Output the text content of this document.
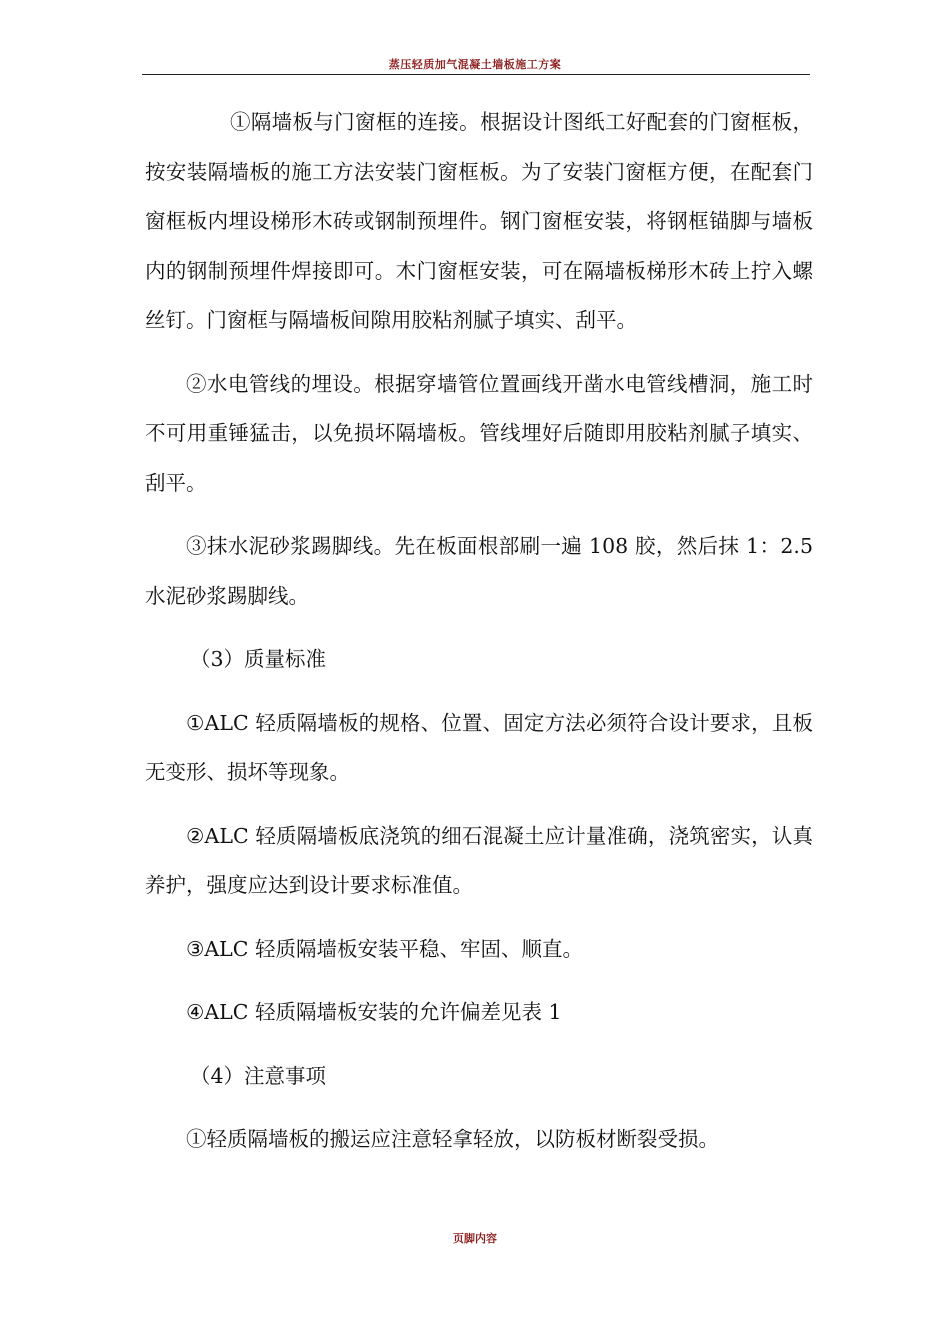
蒸压轻质加气混凝土墙板施工方案

①隔墙板与门窗框的连接。根据设计图纸工好配套的门窗框板，按安装隔墙板的施工方法安装门窗框板。为了安装门窗框方便，在配套门窗框板内埋设梯形木砖或钢制预埋件。钢门窗框安装，将钢框锚脚与墙板内的钢制预埋件焊接即可。木门窗框安装，可在隔墙板梯形木砖上拧入螺丝钉。门窗框与隔墙板间隙用胶粘剂腻子填实、刮平。

②水电管线的埋设。根据穿墙管位置画线开凿水电管线槽洞，施工时不可用重锤猛击，以免损坏隔墙板。管线埋好后随即用胶粘剂腻子填实、刮平。

③抹水泥砂浆踢脚线。先在板面根部刷一遍 108 胶，然后抹 1：2.5 水泥砂浆踢脚线。

（3）质量标准

①ALC 轻质隔墙板的规格、位置、固定方法必须符合设计要求，且板无变形、损坏等现象。

②ALC 轻质隔墙板底浇筑的细石混凝土应计量准确，浇筑密实，认真养护，强度应达到设计要求标准值。

③ALC 轻质隔墙板安装平稳、牢固、顺直。

④ALC 轻质隔墙板安装的允许偏差见表 1

（4）注意事项

①轻质隔墙板的搬运应注意轻拿轻放，以防板材断裂受损。

页脚内容
